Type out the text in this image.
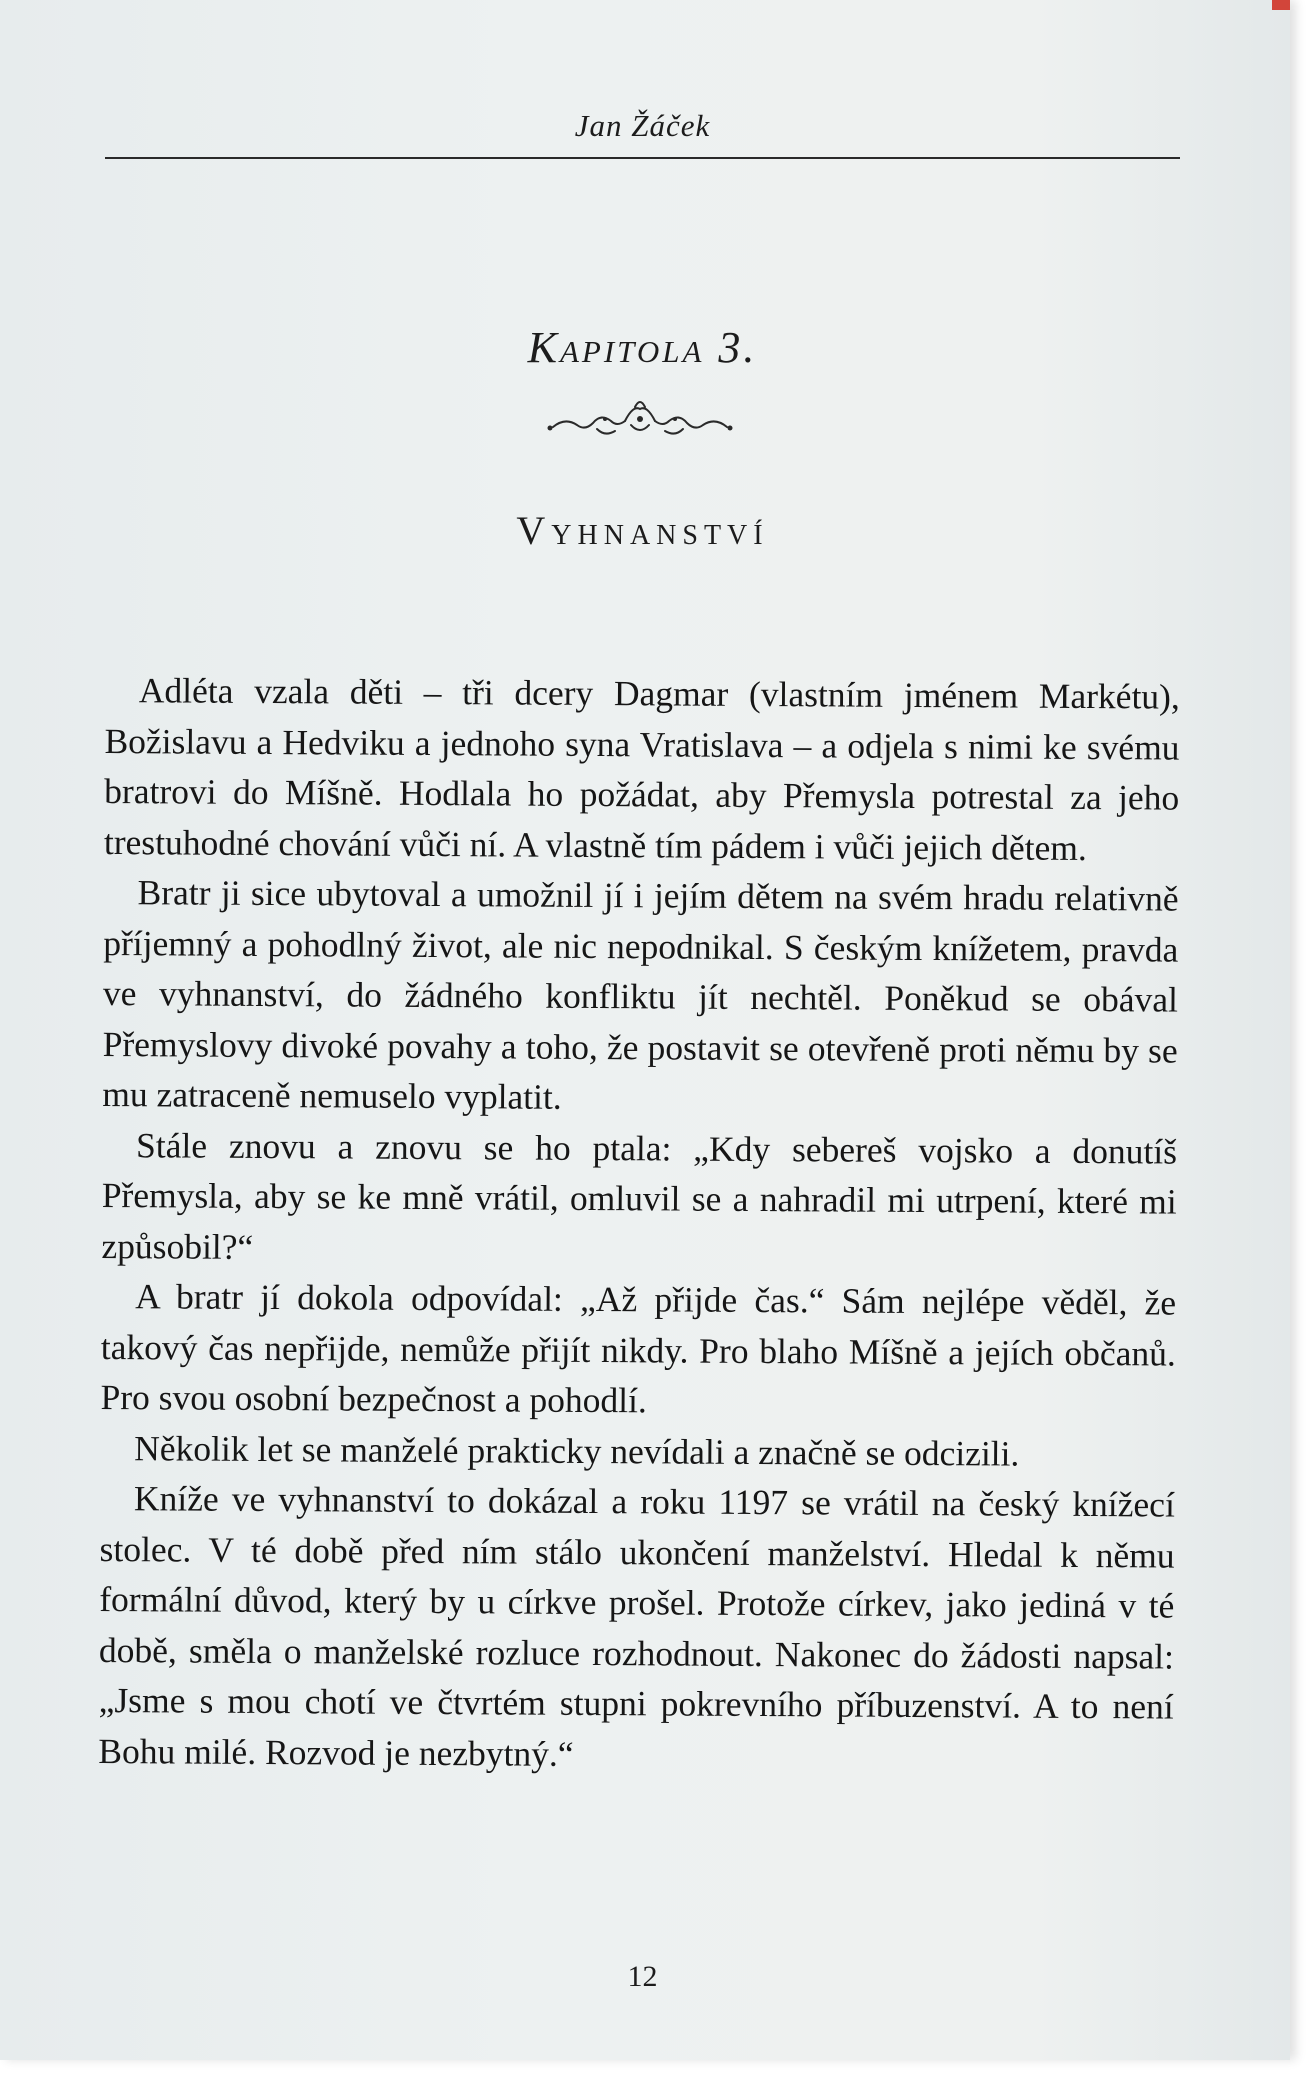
Jan Žáček
Kapitola 3.
Vyhnanství

Adléta vzala děti – tři dcery Dagmar (vlastním jménem Markétu), Božislavu a Hedviku a jednoho syna Vratislava – a odjela s nimi ke svému bratrovi do Míšně. Hodlala ho požádat, aby Přemysla potrestal za jeho trestuhodné chování vůči ní. A vlastně tím pádem i vůči jejich dětem.

Bratr ji sice ubytoval a umožnil jí i jejím dětem na svém hradu relativně příjemný a pohodlný život, ale nic nepodnikal. S českým knížetem, pravda ve vyhnanství, do žádného konfliktu jít nechtěl. Poněkud se obával Přemyslovy divoké povahy a toho, že postavit se otevřeně proti němu by se mu zatraceně nemuselo vyplatit.

Stále znovu a znovu se ho ptala: „Kdy sebereš vojsko a donutíš Přemysla, aby se ke mně vrátil, omluvil se a nahradil mi utrpení, které mi způsobil?“

A bratr jí dokola odpovídal: „Až přijde čas.“ Sám nejlépe věděl, že takový čas nepřijde, nemůže přijít nikdy. Pro blaho Míšně a jejích občanů. Pro svou osobní bezpečnost a pohodlí.

Několik let se manželé prakticky nevídali a značně se odcizili.

Kníže ve vyhnanství to dokázal a roku 1197 se vrátil na český knížecí stolec. V té době před ním stálo ukončení manželství. Hledal k němu formální důvod, který by u církve prošel. Protože církev, jako jediná v té době, směla o manželské rozluce rozhodnout. Nakonec do žádosti napsal: „Jsme s mou chotí ve čtvrtém stupni pokrevního příbuzenství. A to není Bohu milé. Rozvod je nezbytný.“

12
